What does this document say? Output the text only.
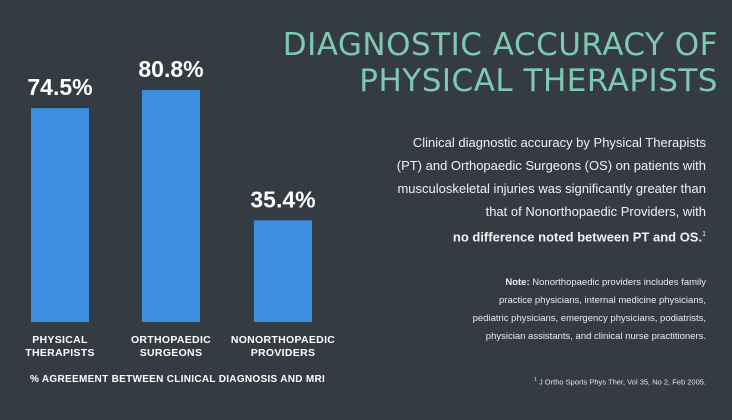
74.5%
PHYSICAL
THERAPISTS
80.8%
ORTHOPAEDIC
SURGEONS
35.4%
NONORTHOPAEDIC
PROVIDERS
DIAGNOSTIC ACCURACY OF
PHYSICAL THERAPISTS
Clinical diagnostic accuracy by Physical Therapists
(PT) and Orthopaedic Surgeons (OS) on patients with
musculoskeletal injuries was significantly greater than
that of Nonorthopaedic Providers, with
no difference noted between PT and OS.$^1$
Note: Nonorthopaedic providers includes family
practice physicians, internal medicine physicians,
pediatric physicians, emergency physicians, podiatrists,
physician assistants, and clinical nurse practitioners.
% AGREEMENT BETWEEN CLINICAL DIAGNOSIS AND MRI	$^1$ J Ortho Sports Phys Ther, Vol 35, No 2, Feb 2005.
